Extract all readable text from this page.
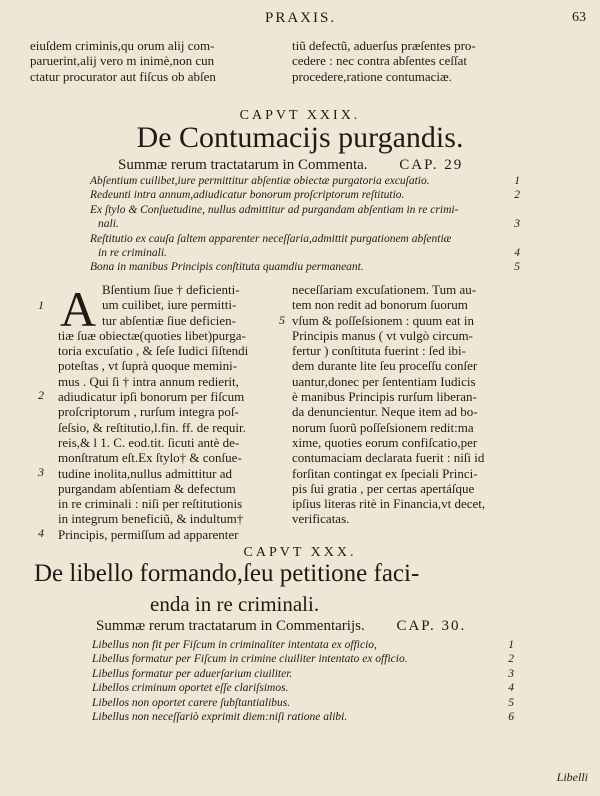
PRAXIS.	63
eiuſdem criminis,qu orum alij com-
paruerint,alij vero m inimè,non cun
ctatur procurator aut fiſcus ob abſen
tiũ defectũ, aduerſus præſentes pro-
cedere : nec contra abſentes ceſſat
procedere,ratione contumaciæ.
CAPVT XXIX.
De Contumacijs purgandis.
Summæ rerum tractatarum in Commenta. CAP. 29
Abſentium cuilibet,iure permittitur abſentiæ obiectæ purgatoria excuſatio.	1
Redeunti intra annum,adiudicatur bonorum proſcriptorum reſtitutio.	2
Ex ſtylo & Conſuetudine, nullus admittitur ad purgandam abſentiam in re crimi-
nali.	3
Reſtitutio ex cauſa ſaltem apparenter neceſſaria,admittit purgationem abſentiæ
in re criminali.	4
Bona in manibus Principis conſtituta quamdiu permaneant.	5
A
1
5
2
3
4
Bſentium ſiue † deficienti-
um cuilibet, iure permitti-
tur abſentiæ ſiue deficien-
tiæ ſuæ obiectæ(quoties libet)purga-
toria excuſatio , & ſeſe Iudici ſiſtendi
poteſtas , vt ſuprà quoque memini-
mus . Qui ſi † intra annum redierit,
adiudicatur ipſi bonorum per fiſcum
proſcriptorum , rurſum integra poſ-
ſeſsio, & reſtitutio,l.fin. ff. de requir.
reis,& l 1. C. eod.tit. ſicuti antè de-
monſtratum eſt.Ex ſtylo† & conſue-
tudine inolita,nullus admittitur ad
purgandam abſentiam & defectum
in re criminali : niſi per reſtitutionis
in integrum beneficiũ, & indultum†
Principis, permiſſum ad apparenter
neceſſariam excuſationem. Tum au-
tem non redit ad bonorum ſuorum
vſum & poſſeſsionem : quum eat in
Principis manus ( vt vulgò circum-
fertur ) conſtituta fuerint : ſed ibi-
dem durante lite ſeu proceſſu conſer
uantur,donec per ſententiam Iudicis
è manibus Principis rurſum liberan-
da denuncientur. Neque item ad bo-
norum ſuorũ poſſeſsionem redit:ma
xime, quoties eorum confiſcatio,per
contumaciam declarata fuerit : niſi id
forſitan contingat ex ſpeciali Princi-
pis ſui gratia , per certas apertáſque
ipſius literas ritè in Financia,vt decet,
verificatas.
CAPVT XXX.
De libello formando,ſeu petitione faci-
enda in re criminali.
Summæ rerum tractatarum in Commentarijs. CAP. 30.
Libellus non fit per Fiſcum in criminaliter intentata ex officio,	1
Libellus formatur per Fiſcum in crimine ciuiliter intentato ex officio.	2
Libellus formatur per aduerſarium ciuiliter.	3
Libellos criminum oportet eſſe clariſsimos.	4
Libellos non oportet carere ſubſtantialibus.	5
Libellus non neceſſariò exprimit diem:niſi ratione alibi.	6
Libelli
